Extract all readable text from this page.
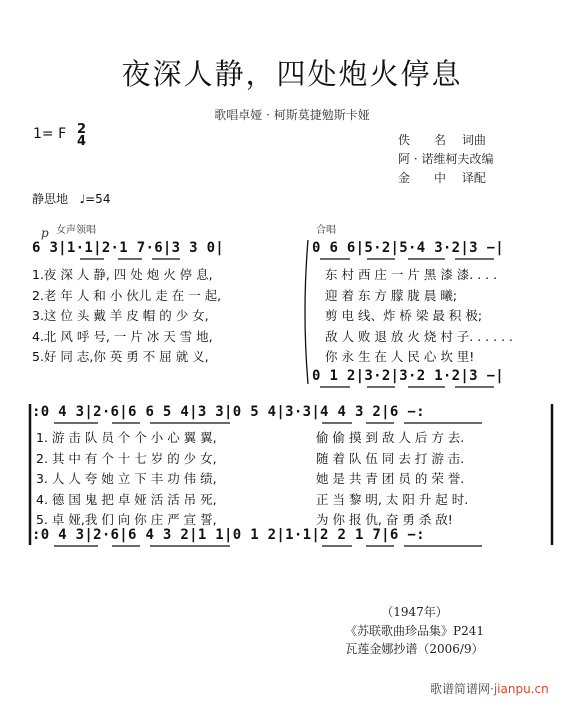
夜深人静，四处炮火停息
歌唱卓娅 · 柯斯莫捷勉斯卡娅
1= F 2
4	佚　　名　 词曲
阿 · 诺维柯夫改编
金　　中　 译配
静思地 ♩=54
p 女声领唱	合唱
6 3|1·1|2·1 7·6|3 3 0|	0 6 6|5·2|5·4 3·2|3 −|
1.夜 深 人 静, 四 处 炮 火 停 息,
2.老 年 人 和 小 伙儿 走 在 一 起,
3.这 位 头 戴 羊 皮 帽 的 少 女,
4.北 风 呼 号, 一 片 冰 天 雪 地,
5.好 同 志,你 英 勇 不 屈 就 义,
东 村 西 庄 一 片 黑 漆 漆. . . .
迎 着 东 方 朦 胧 晨 曦;
剪 电 线、炸 桥 梁 最 积 极;
敌 人 败 退 放 火 烧 村 子. . . . . .
你 永 生 在 人 民 心 坎 里!
0 1 2|3·2|3·2 1·2|3 −|
:0 4 3|2·6|6 6 5 4|3 3|0 5 4|3·3|4 4 3 2|6 −:
1. 游 击 队 员 个 个 小 心 翼 翼,
2. 其 中 有 个 十 七 岁 的 少 女,
3. 人 人 夸 她 立 下 丰 功 伟 绩,
4. 德 国 鬼 把 卓 娅 活 活 吊 死,
5. 卓 娅,我 们 向 你 庄 严 宣 誓,
偷 偷 摸 到 敌 人 后 方 去.
随 着 队 伍 同 去 打 游 击.
她 是 共 青 团 员 的 荣 誉.
正 当 黎 明, 太 阳 升 起 时.
为 你 报 仇, 奋 勇 杀 敌!
:0 4 3|2·6|6 4 3 2|1 1|0 1 2|1·1|2 2 1 7|6 −:
（1947年）
《苏联歌曲珍品集》P241
瓦莲金娜抄谱（2006/9）
歌谱简谱网·jianpu.cn
